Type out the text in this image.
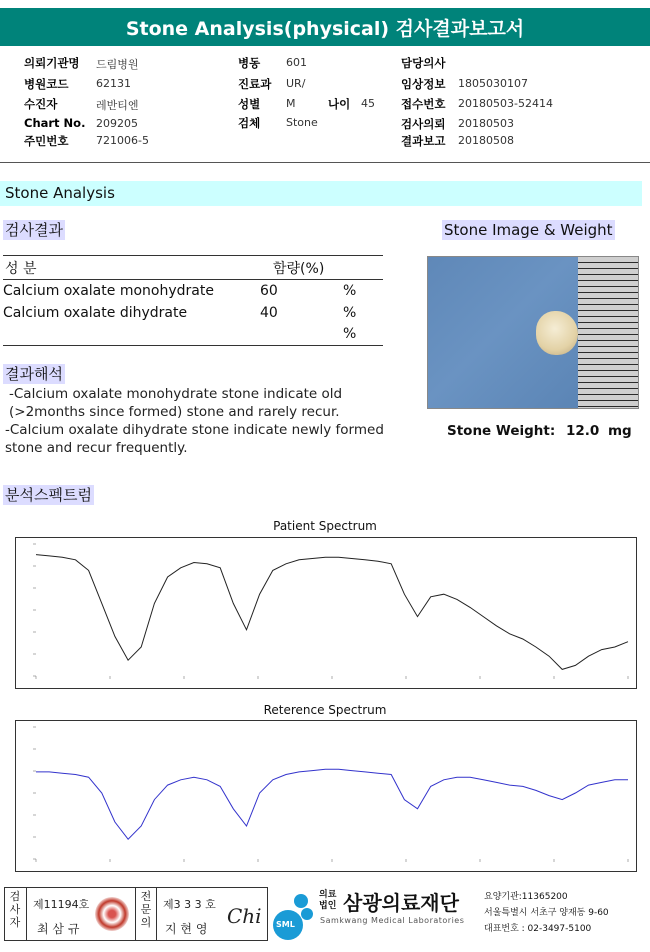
Stone Analysis(physical) 검사결과보고서
의뢰기관명 드림병원
병원코드	62131
수진자	레반티엔
Chart No. 209205
주민번호	721006-5
병동 601
진료과 UR/
성별 M	나이 45
검체 Stone
담당의사
임상정보 1805030107
접수번호 20180503-52414
검사의뢰 20180503
결과보고 20180508
Stone Analysis
검사결과
성 분	함량(%)
Calcium oxalate monohydrate 60	%
Calcium oxalate dihydrate 40	%
	%
Stone Image & Weight
Stone Weight: 12.0 mg
결과해석
-Calcium oxalate monohydrate stone indicate old (>2months since formed) stone and rarely recur.
-Calcium oxalate dihydrate stone indicate newly formed stone and recur frequently.
분석스펙트럼
Patient Spectrum
Reterence Spectrum
검사자
제11194호
최 삼 규
전문의
제3 3 3 호
지 현 영
Chi SML
의료법인 삼광의료재단
Samkwang Medical Laboratories
요양기관:11365200
서울특별시 서초구 양재동 9-60
대표번호 : 02-3497-5100
